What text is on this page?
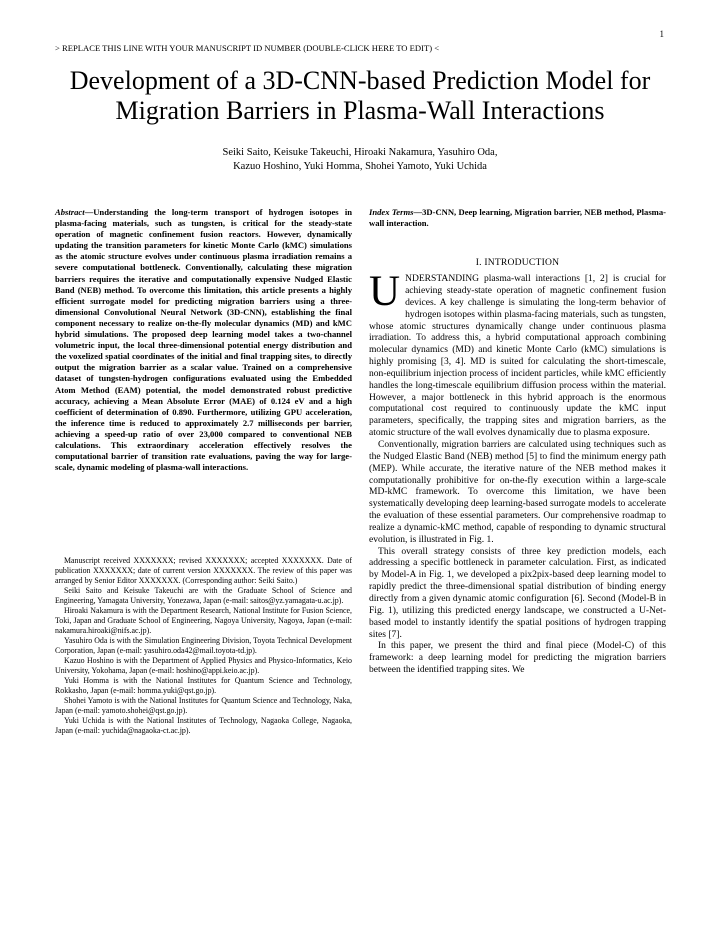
1
> REPLACE THIS LINE WITH YOUR MANUSCRIPT ID NUMBER (DOUBLE-CLICK HERE TO EDIT) <
Development of a 3D-CNN-based Prediction Model for Migration Barriers in Plasma-Wall Interactions
Seiki Saito, Keisuke Takeuchi, Hiroaki Nakamura, Yasuhiro Oda,
Kazuo Hoshino, Yuki Homma, Shohei Yamoto, Yuki Uchida

Abstract—Understanding the long-term transport of hydrogen isotopes in plasma-facing materials, such as tungsten, is critical for the steady-state operation of magnetic confinement fusion reactors. However, dynamically updating the transition parameters for kinetic Monte Carlo (kMC) simulations as the atomic structure evolves under continuous plasma irradiation remains a severe computational bottleneck. Conventionally, calculating these migration barriers requires the iterative and computationally expensive Nudged Elastic Band (NEB) method. To overcome this limitation, this article presents a highly efficient surrogate model for predicting migration barriers using a three-dimensional Convolutional Neural Network (3D-CNN), establishing the final component necessary to realize on-the-fly molecular dynamics (MD) and kMC hybrid simulations. The proposed deep learning model takes a two-channel volumetric input, the local three-dimensional potential energy distribution and the voxelized spatial coordinates of the initial and final trapping sites, to directly output the migration barrier as a scalar value. Trained on a comprehensive dataset of tungsten-hydrogen configurations evaluated using the Embedded Atom Method (EAM) potential, the model demonstrated robust predictive accuracy, achieving a Mean Absolute Error (MAE) of 0.124 eV and a high coefficient of determination of 0.890. Furthermore, utilizing GPU acceleration, the inference time is reduced to approximately 2.7 milliseconds per barrier, achieving a speed-up ratio of over 23,000 compared to conventional NEB calculations. This extraordinary acceleration effectively resolves the computational barrier of transition rate evaluations, paving the way for large-scale, dynamic modeling of plasma-wall interactions.

Manuscript received XXXXXXX; revised XXXXXXX; accepted XXXXXXX. Date of publication XXXXXXX; date of current version XXXXXXX. The review of this paper was arranged by Senior Editor XXXXXXX. (Corresponding author: Seiki Saito.)

Seiki Saito and Keisuke Takeuchi are with the Graduate School of Science and Engineering, Yamagata University, Yonezawa, Japan (e-mail: saitos@yz.yamagata-u.ac.jp).

Hiroaki Nakamura is with the Department Research, National Institute for Fusion Science, Toki, Japan and Graduate School of Engineering, Nagoya University, Nagoya, Japan (e-mail: nakamura.hiroaki@nifs.ac.jp).

Yasuhiro Oda is with the Simulation Engineering Division, Toyota Technical Development Corporation, Japan (e-mail: yasuhiro.oda42@mail.toyota-td.jp).

Kazuo Hoshino is with the Department of Applied Physics and Physico-Informatics, Keio University, Yokohama, Japan (e-mail: hoshino@appi.keio.ac.jp).

Yuki Homma is with the National Institutes for Quantum Science and Technology, Rokkasho, Japan (e-mail: homma.yuki@qst.go.jp).

Shohei Yamoto is with the National Institutes for Quantum Science and Technology, Naka, Japan (e-mail: yamoto.shohei@qst.go.jp).

Yuki Uchida is with the National Institutes of Technology, Nagaoka College, Nagaoka, Japan (e-mail: yuchida@nagaoka-ct.ac.jp).

Index Terms—3D-CNN, Deep learning, Migration barrier, NEB method, Plasma-wall interaction.

I. INTRODUCTION

UNDERSTANDING plasma-wall interactions [1, 2] is crucial for achieving steady-state operation of magnetic confinement fusion devices. A key challenge is simulating the long-term behavior of hydrogen isotopes within plasma-facing materials, such as tungsten, whose atomic structures dynamically change under continuous plasma irradiation. To address this, a hybrid computational approach combining molecular dynamics (MD) and kinetic Monte Carlo (kMC) simulations is highly promising [3, 4]. MD is suited for calculating the short-timescale, non-equilibrium injection process of incident particles, while kMC efficiently handles the long-timescale equilibrium diffusion process within the material. However, a major bottleneck in this hybrid approach is the enormous computational cost required to continuously update the kMC input parameters, specifically, the trapping sites and migration barriers, as the atomic structure of the wall evolves dynamically due to plasma exposure.

Conventionally, migration barriers are calculated using techniques such as the Nudged Elastic Band (NEB) method [5] to find the minimum energy path (MEP). While accurate, the iterative nature of the NEB method makes it computationally prohibitive for on-the-fly execution within a large-scale MD-kMC framework. To overcome this limitation, we have been systematically developing deep learning-based surrogate models to accelerate the evaluation of these essential parameters. Our comprehensive roadmap to realize a dynamic-kMC method, capable of responding to dynamic structural evolution, is illustrated in Fig. 1.

This overall strategy consists of three key prediction models, each addressing a specific bottleneck in parameter calculation. First, as indicated by Model-A in Fig. 1, we developed a pix2pix-based deep learning model to rapidly predict the three-dimensional spatial distribution of binding energy directly from a given dynamic atomic configuration [6]. Second (Model-B in Fig. 1), utilizing this predicted energy landscape, we constructed a U-Net-based model to instantly identify the spatial positions of hydrogen trapping sites [7].

In this paper, we present the third and final piece (Model-C) of this framework: a deep learning model for predicting the migration barriers between the identified trapping sites. We
